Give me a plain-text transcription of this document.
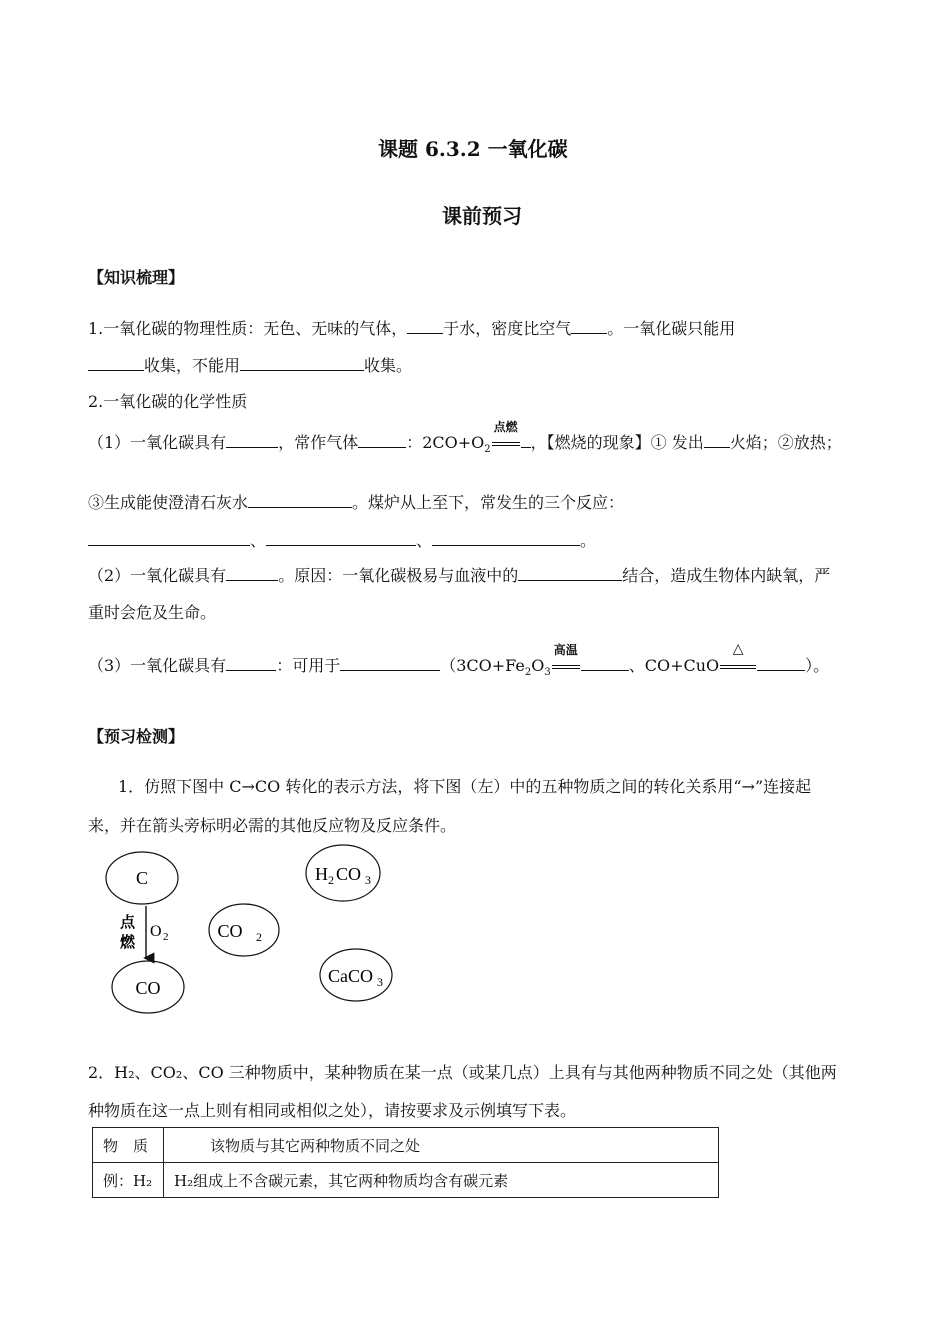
课题 6.3.2 一氧化碳
课前预习
【知识梳理】
1.一氧化碳的物理性质：无色、无味的气体， 于水，密度比空气 。一氧化碳只能用
收集，不能用	收集。
2.一氧化碳的化学性质
（1）一氧化碳具有	，常作气体	：$2CO+O_2$
点燃
，【燃烧的现象】① 发出 火焰；②放热；
③生成能使澄清石灰水	。煤炉从上至下，常发生的三个反应：
、	、	。
（2）一氧化碳具有	。原因：一氧化碳极易与血液中的	结合，造成生物体内缺氧，严
重时会危及生命。
（3）一氧化碳具有	：可用于	（$3CO+Fe_2O_3$
高温
、CO+CuO
△
）。
【预习检测】
1．仿照下图中 C→CO 转化的表示方法，将下图（左）中的五种物质之间的转化关系用“→”连接起
来，并在箭头旁标明必需的其他反应物及反应条件。
C
CO
CO 2
H 2 CO 3
CaCO 3
点
燃
O 2
2．H₂、CO₂、CO 三种物质中，某种物质在某一点（或某几点）上具有与其他两种物质不同之处（其他两
种物质在这一点上则有相同或相似之处），请按要求及示例填写下表。
物　质	该物质与其它两种物质不同之处
例：H₂	H₂组成上不含碳元素，其它两种物质均含有碳元素
